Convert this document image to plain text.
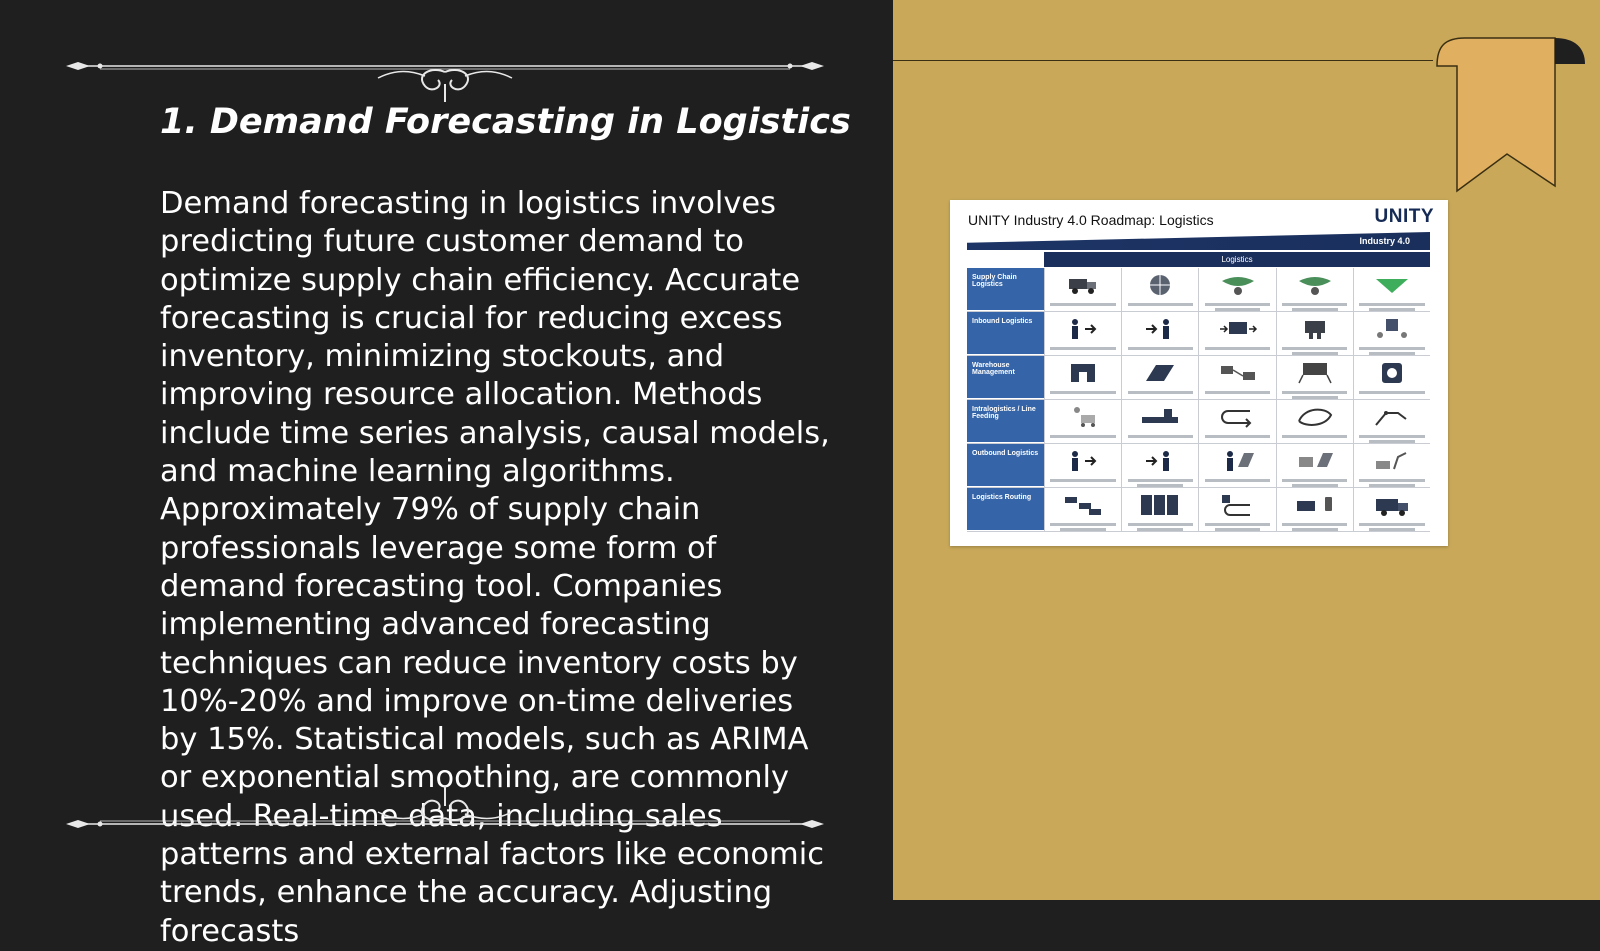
1. Demand Forecasting in Logistics

Demand forecasting in logistics involves predicting future customer demand to optimize supply chain efficiency. Accurate forecasting is crucial for reducing excess inventory, minimizing stockouts, and improving resource allocation. Methods include time series analysis, causal models, and machine learning algorithms. Approximately 79% of supply chain professionals leverage some form of demand forecasting tool. Companies implementing advanced forecasting techniques can reduce inventory costs by 10%-20% and improve on-time deliveries by 15%. Statistical models, such as ARIMA or exponential smoothing, are commonly used. Real-time data, including sales patterns and external factors like economic trends, enhance the accuracy. Adjusting forecasts

UNITY Industry 4.0 Roadmap: Logistics	UNITY
Industry 4.0
Logistics
Supply Chain Logistics
Inbound Logistics
Warehouse Management
Intralogistics / Line Feeding
Outbound Logistics
Logistics Routing
